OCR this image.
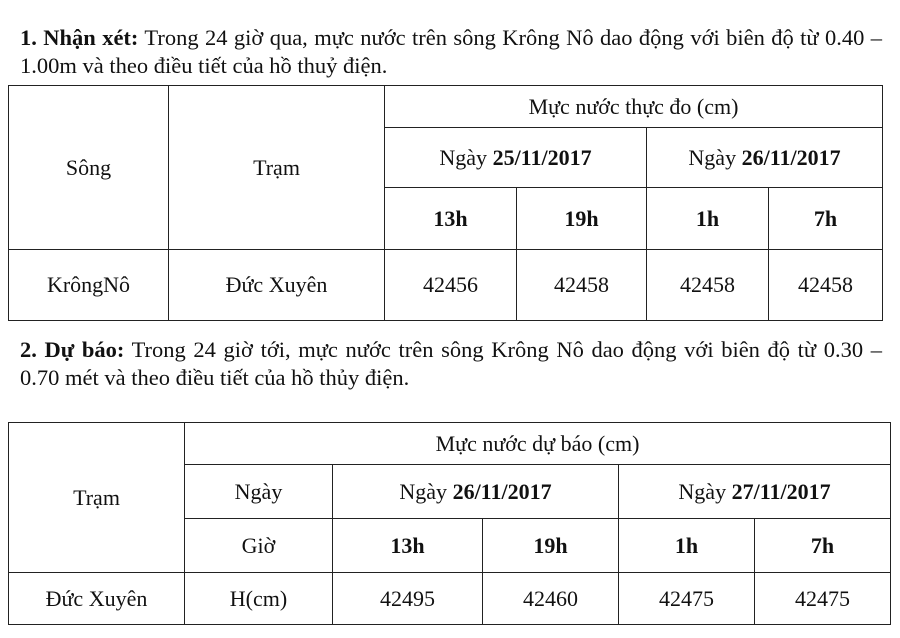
1. Nhận xét: Trong 24 giờ qua, mực nước trên sông Krông Nô dao động với biên độ từ 0.40 – 1.00m và theo điều tiết của hồ thuỷ điện.
Sông	Trạm	Mực nước thực đo (cm)			
		Ngày 25/11/2017		Ngày 26/11/2017	
		13h	19h	1h	7h
KrôngNô	Đức Xuyên	42456	42458	42458	42458
2. Dự báo: Trong 24 giờ tới, mực nước trên sông Krông Nô dao động với biên độ từ 0.30 – 0.70 mét và theo điều tiết của hồ thủy điện.
Trạm	Mực nước dự báo (cm)				
	Ngày	Ngày 26/11/2017		Ngày 27/11/2017	
	Giờ	13h	19h	1h	7h
Đức Xuyên	H(cm)	42495	42460	42475	42475
